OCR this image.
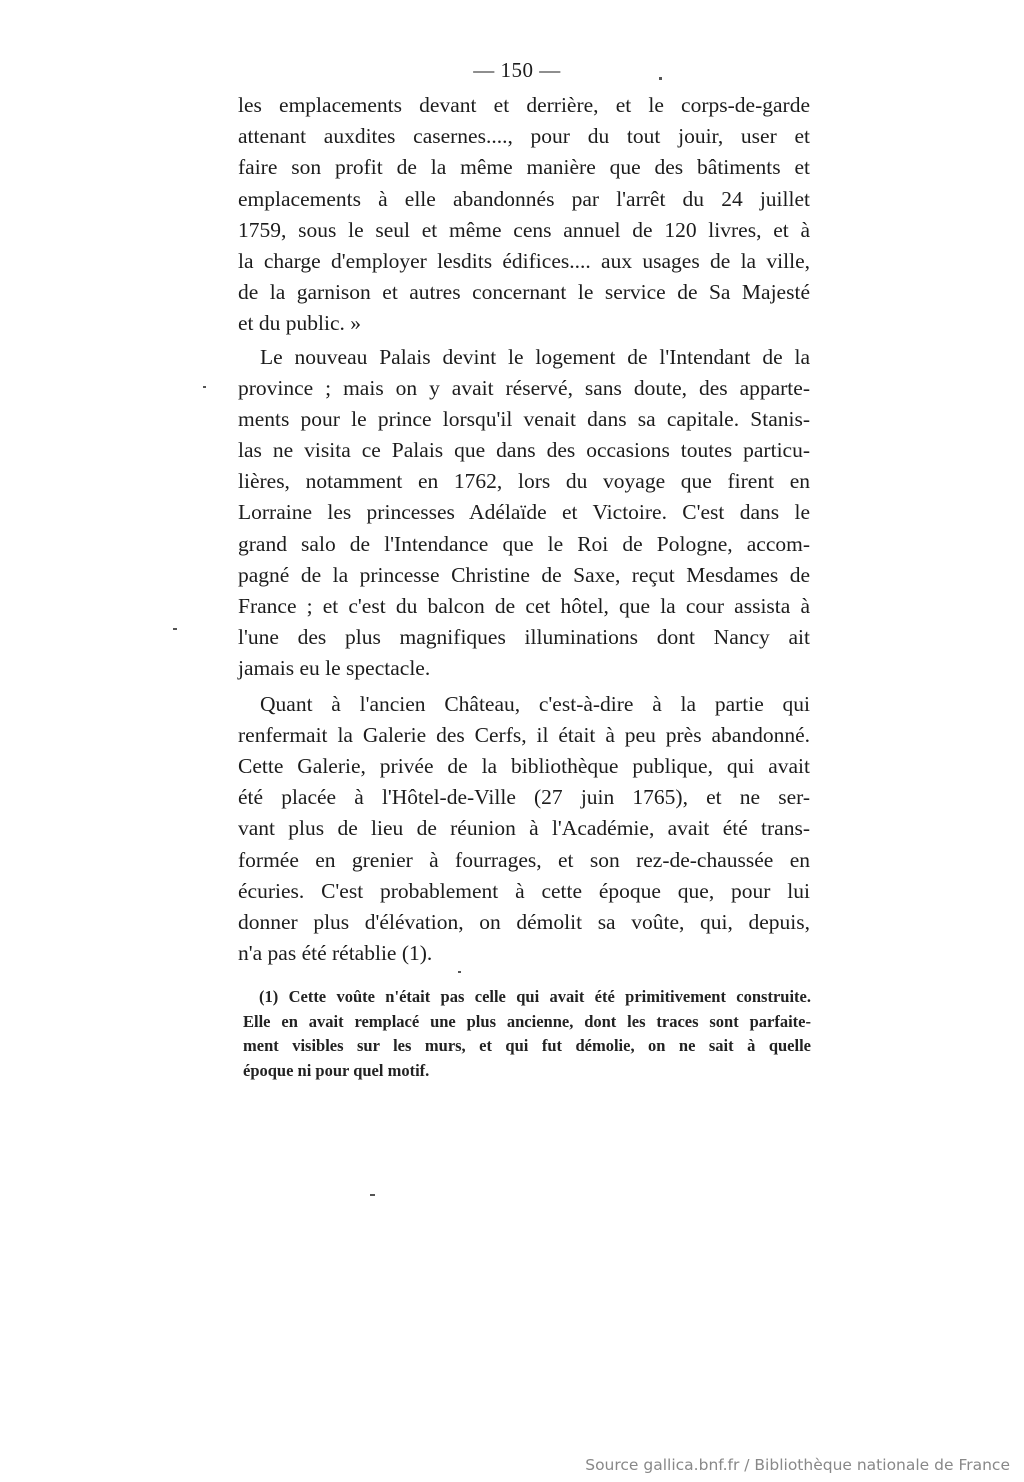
— 150 —

les emplacements devant et derrière, et le corps-de-garde
attenant auxdites casernes...., pour du tout jouir, user et
faire son profit de la même manière que des bâtiments et
emplacements à elle abandonnés par l'arrêt du 24 juillet
1759, sous le seul et même cens annuel de 120 livres, et à
la charge d'employer lesdits édifices.... aux usages de la ville,
de la garnison et autres concernant le service de Sa Majesté
et du public. »

Le nouveau Palais devint le logement de l'Intendant de la
province ; mais on y avait réservé, sans doute, des apparte-
ments pour le prince lorsqu'il venait dans sa capitale. Stanis-
las ne visita ce Palais que dans des occasions toutes particu-
lières, notamment en 1762, lors du voyage que firent en
Lorraine les princesses Adélaïde et Victoire. C'est dans le
grand salo de l'Intendance que le Roi de Pologne, accom-
pagné de la princesse Christine de Saxe, reçut Mesdames de
France ; et c'est du balcon de cet hôtel, que la cour assista à
l'une des plus magnifiques illuminations dont Nancy ait
jamais eu le spectacle.

Quant à l'ancien Château, c'est-à-dire à la partie qui
renfermait la Galerie des Cerfs, il était à peu près abandonné.
Cette Galerie, privée de la bibliothèque publique, qui avait
été placée à l'Hôtel-de-Ville (27 juin 1765), et ne ser-
vant plus de lieu de réunion à l'Académie, avait été trans-
formée en grenier à fourrages, et son rez-de-chaussée en
écuries. C'est probablement à cette époque que, pour lui
donner plus d'élévation, on démolit sa voûte, qui, depuis,
n'a pas été rétablie (1).

(1) Cette voûte n'était pas celle qui avait été primitivement construite.
Elle en avait remplacé une plus ancienne, dont les traces sont parfaite-
ment visibles sur les murs, et qui fut démolie, on ne sait à quelle
époque ni pour quel motif.
Source gallica.bnf.fr / Bibliothèque nationale de France
